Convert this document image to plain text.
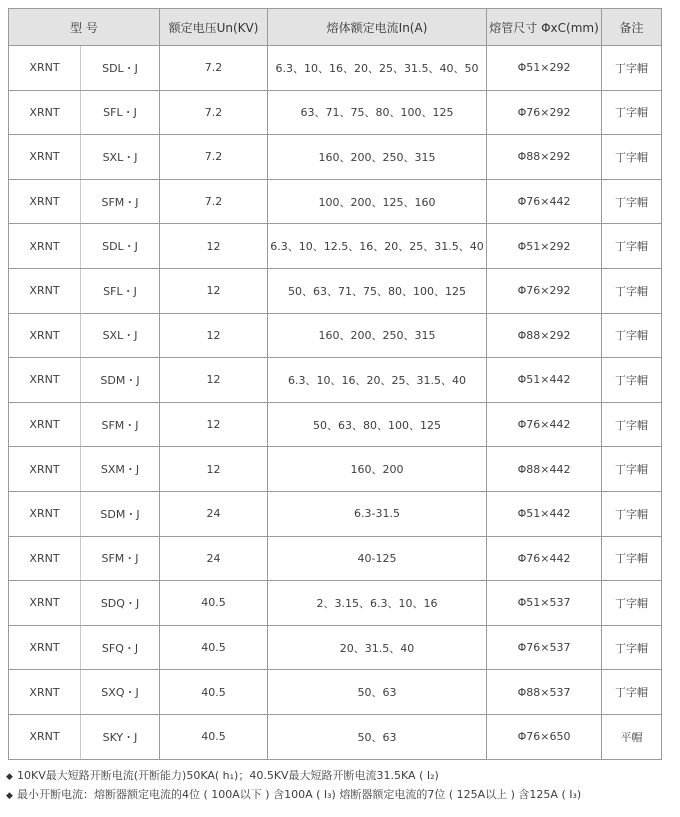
型 号		额定电压Un(KV)	熔体额定电流In(A)	熔管尺寸 ΦxC(mm)	备注
XRNT	SDL・J	7.2	6.3、10、16、20、25、31.5、40、50	Φ51×292	丁字帽
XRNT	SFL・J	7.2	63、71、75、80、100、125	Φ76×292	丁字帽
XRNT	SXL・J	7.2	160、200、250、315	Φ88×292	丁字帽
XRNT	SFM・J	7.2	100、200、125、160	Φ76×442	丁字帽
XRNT	SDL・J	12	6.3、10、12.5、16、20、25、31.5、40	Φ51×292	丁字帽
XRNT	SFL・J	12	50、63、71、75、80、100、125	Φ76×292	丁字帽
XRNT	SXL・J	12	160、200、250、315	Φ88×292	丁字帽
XRNT	SDM・J	12	6.3、10、16、20、25、31.5、40	Φ51×442	丁字帽
XRNT	SFM・J	12	50、63、80、100、125	Φ76×442	丁字帽
XRNT	SXM・J	12	160、200	Φ88×442	丁字帽
XRNT	SDM・J	24	6.3-31.5	Φ51×442	丁字帽
XRNT	SFM・J	24	40-125	Φ76×442	丁字帽
XRNT	SDQ・J	40.5	2、3.15、6.3、10、16	Φ51×537	丁字帽
XRNT	SFQ・J	40.5	20、31.5、40	Φ76×537	丁字帽
XRNT	SXQ・J	40.5	50、63	Φ88×537	丁字帽
XRNT	SKY・J	40.5	50、63	Φ76×650	平帽
◆ 10KV最大短路开断电流(开断能力)50KA( h₁)；40.5KV最大短路开断电流31.5KA ( I₂)
◆ 最小开断电流：熔断器额定电流的4位 ( 100A以下 ) 含100A ( I₃) 熔断器额定电流的7位 ( 125A以上 ) 含125A ( I₃)
